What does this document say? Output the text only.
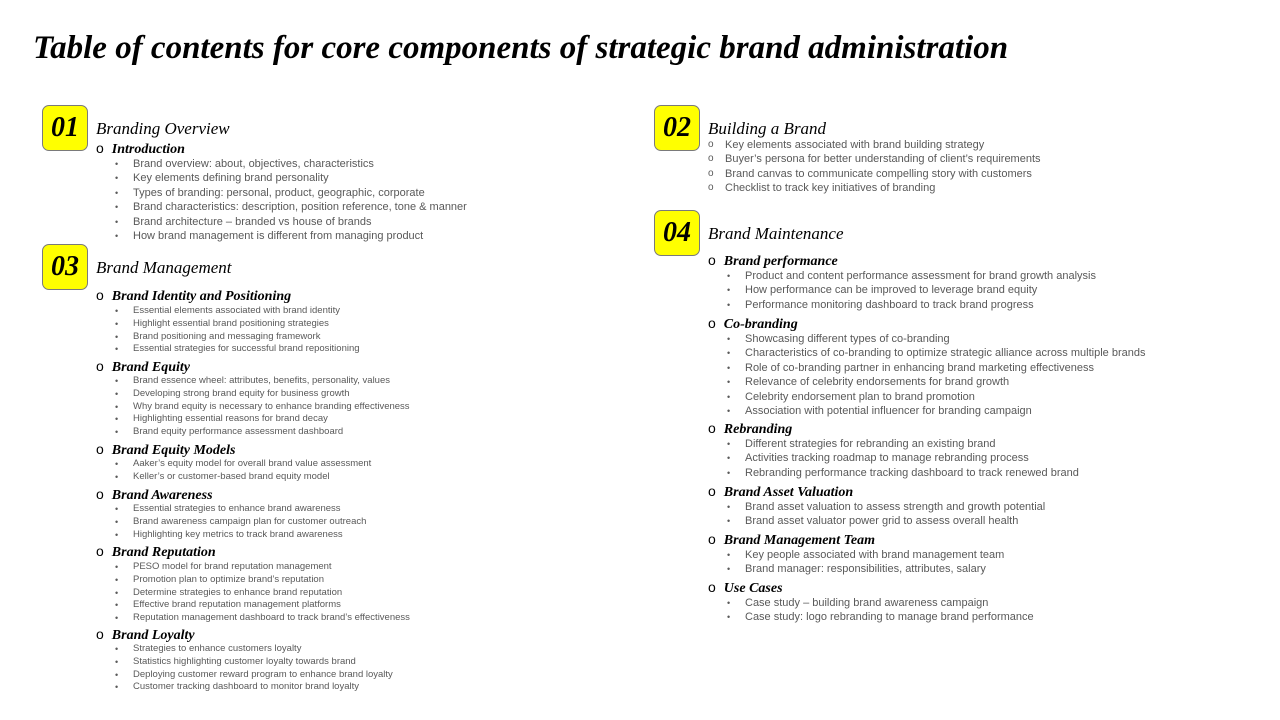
Table of contents for core components of strategic brand administration
01	Branding Overview
o Introduction
• Brand overview: about, objectives, characteristics
• Key elements defining brand personality
• Types of branding: personal, product, geographic, corporate
• Brand characteristics: description, position reference, tone & manner
• Brand architecture – branded vs house of brands
• How brand management is different from managing product
03	Brand Management
o Brand Identity and Positioning
• Essential elements associated with brand identity
• Highlight essential brand positioning strategies
• Brand positioning and messaging framework
• Essential strategies for successful brand repositioning
o Brand Equity
• Brand essence wheel: attributes, benefits, personality, values
• Developing strong brand equity for business growth
• Why brand equity is necessary to enhance branding effectiveness
• Highlighting essential reasons for brand decay
• Brand equity performance assessment dashboard
o Brand Equity Models
• Aaker’s equity model for overall brand value assessment
• Keller’s or customer-based brand equity model
o Brand Awareness
• Essential strategies to enhance brand awareness
• Brand awareness campaign plan for customer outreach
• Highlighting key metrics to track brand awareness
o Brand Reputation
• PESO model for brand reputation management
• Promotion plan to optimize brand’s reputation
• Determine strategies to enhance brand reputation
• Effective brand reputation management platforms
• Reputation management dashboard to track brand’s effectiveness
o Brand Loyalty
• Strategies to enhance customers loyalty
• Statistics highlighting customer loyalty towards brand
• Deploying customer reward program to enhance brand loyalty
• Customer tracking dashboard to monitor brand loyalty
02	Building a Brand
o Key elements associated with brand building strategy
o Buyer’s persona for better understanding of client’s requirements
o Brand canvas to communicate compelling story with customers
o Checklist to track key initiatives of branding
04	Brand Maintenance
o Brand performance
• Product and content performance assessment for brand growth analysis
• How performance can be improved to leverage brand equity
• Performance monitoring dashboard to track brand progress
o Co-branding
• Showcasing different types of co-branding
• Characteristics of co-branding to optimize strategic alliance across multiple brands
• Role of co-branding partner in enhancing brand marketing effectiveness
• Relevance of celebrity endorsements for brand growth
• Celebrity endorsement plan to brand promotion
• Association with potential influencer for branding campaign
o Rebranding
• Different strategies for rebranding an existing brand
• Activities tracking roadmap to manage rebranding process
• Rebranding performance tracking dashboard to track renewed brand
o Brand Asset Valuation
• Brand asset valuation to assess strength and growth potential
• Brand asset valuator power grid to assess overall health
o Brand Management Team
• Key people associated with brand management team
• Brand manager: responsibilities, attributes, salary
o Use Cases
• Case study – building brand awareness campaign
• Case study: logo rebranding to manage brand performance
